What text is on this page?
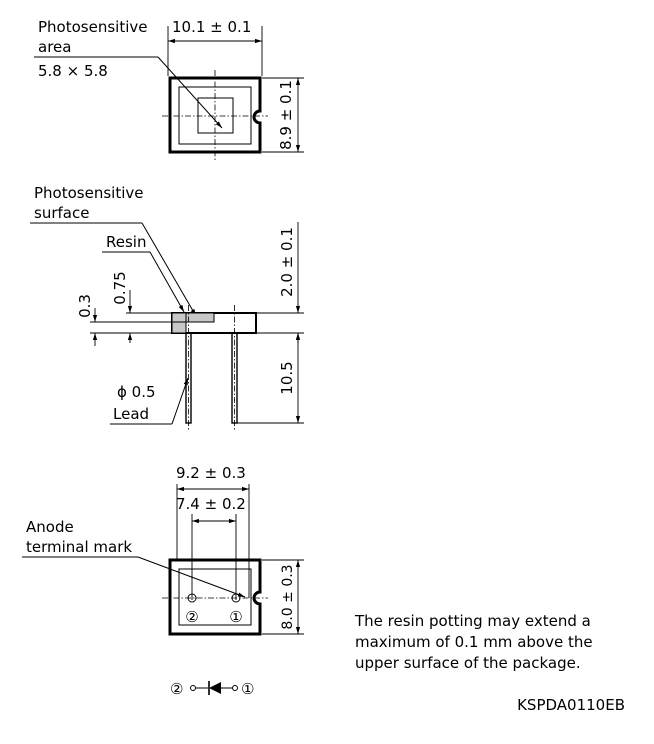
Photosensitive
area
5.8 × 5.8
10.1 ± 0.1
8.9 ± 0.1
Photosensitive
surface
Resin
0.75
0.3
2.0 ± 0.1
10.5
ϕ 0.5
Lead
9.2 ± 0.3
7.4 ± 0.2
Anode
terminal mark
② ①	8.0 ± 0.3
②	①
The resin potting may extend a
maximum of 0.1 mm above the
upper surface of the package.
KSPDA0110EB
